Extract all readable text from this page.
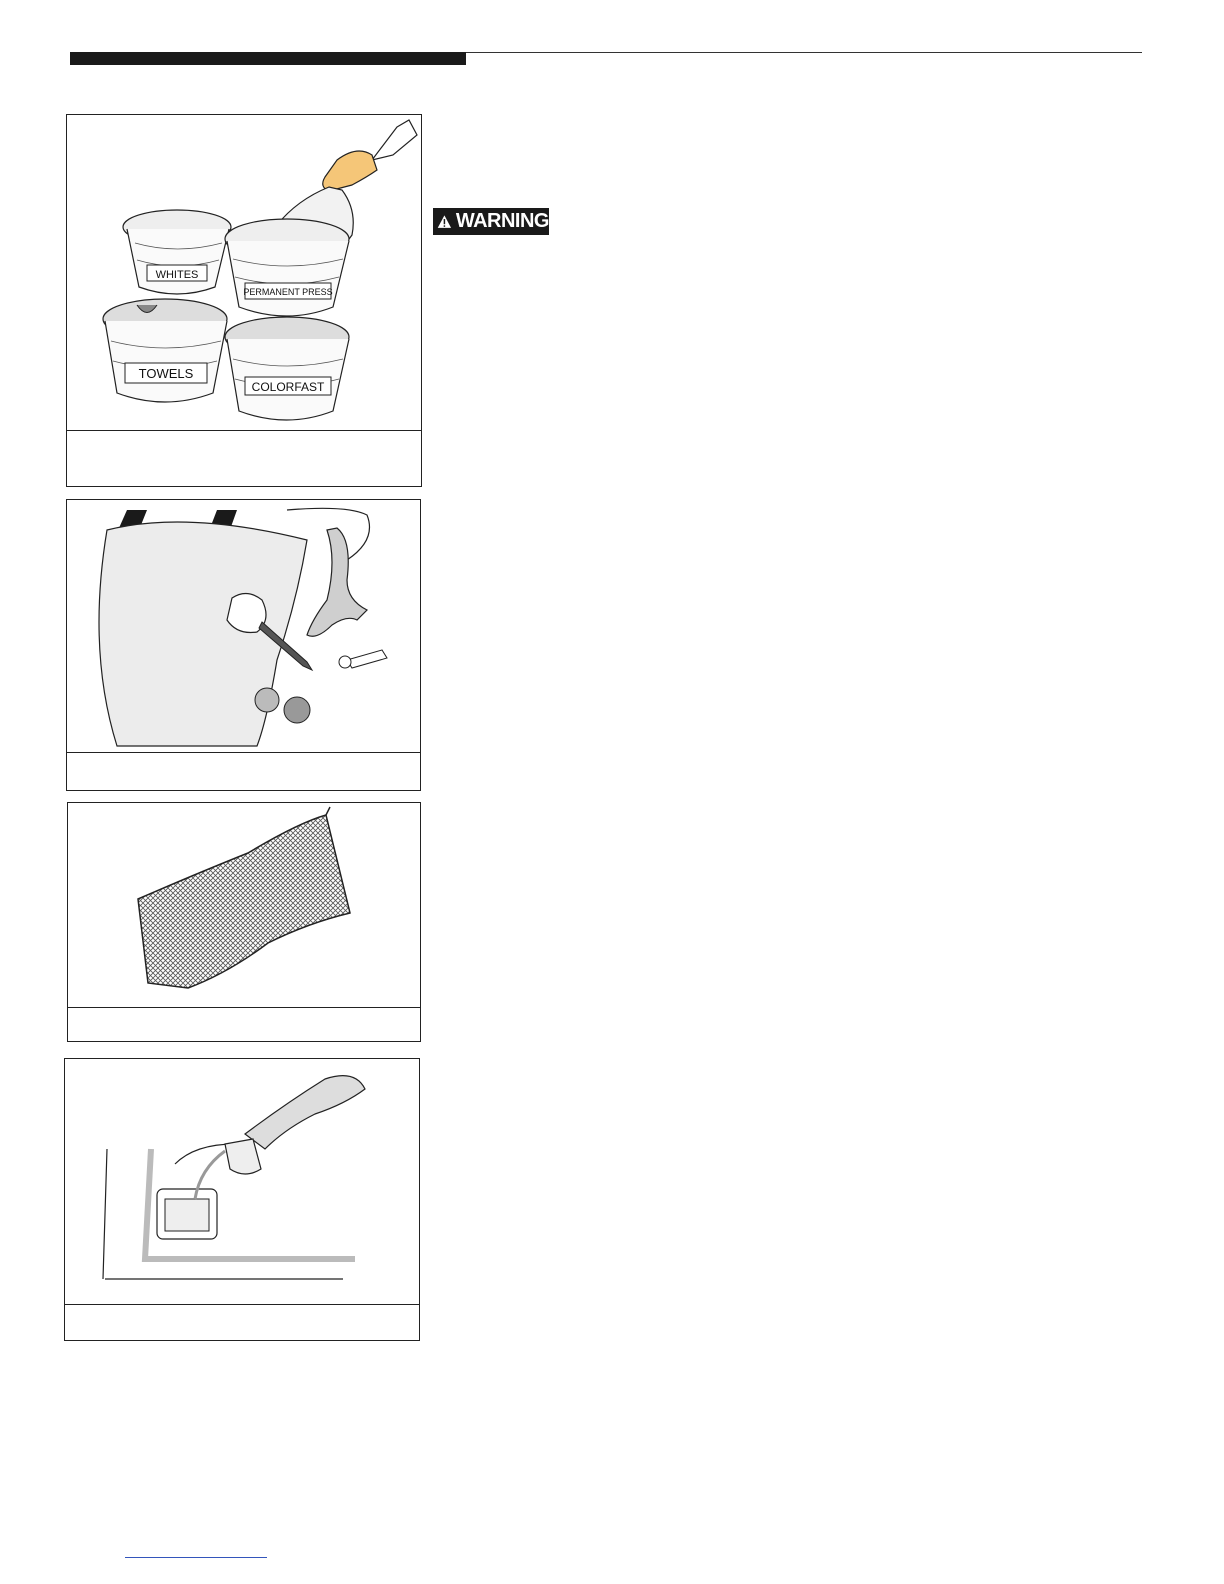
WHITES
PERMANENT PRESS
TOWELS
COLORFAST
WARNING
